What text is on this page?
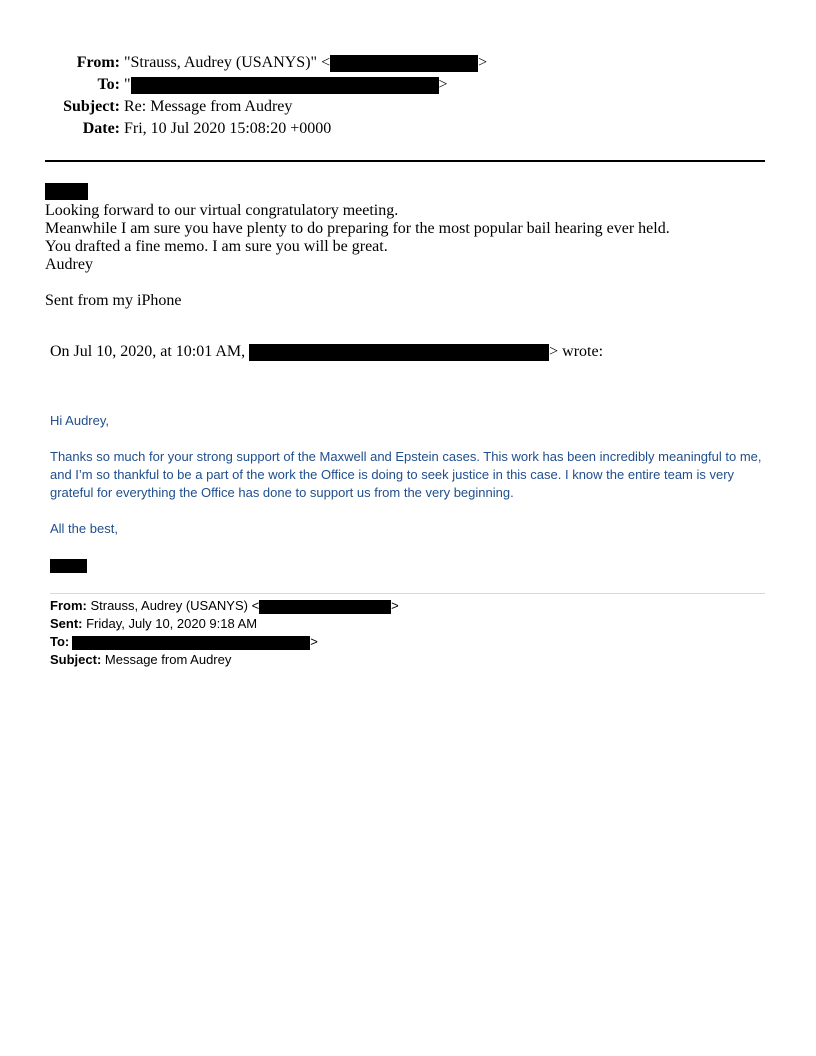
From: "Strauss, Audrey (USANYS)" <	>
To: "	>
Subject: Re: Message from Audrey
Date: Fri, 10 Jul 2020 15:08:20 +0000
Looking forward to our virtual congratulatory meeting.
Meanwhile I am sure you have plenty to do preparing for the most popular bail hearing ever held.
You drafted a fine memo. I am sure you will be great.
Audrey
Sent from my iPhone
On Jul 10, 2020, at 10:01 AM,	> wrote:
Hi Audrey,
Thanks so much for your strong support of the Maxwell and Epstein cases. This work has been incredibly meaningful to me, and I’m so thankful to be a part of the work the Office is doing to seek justice in this case. I know the entire team is very grateful for everything the Office has done to support us from the very beginning.
All the best,
From: Strauss, Audrey (USANYS) <	>
Sent: Friday, July 10, 2020 9:18 AM
To:	>
Subject: Message from Audrey
